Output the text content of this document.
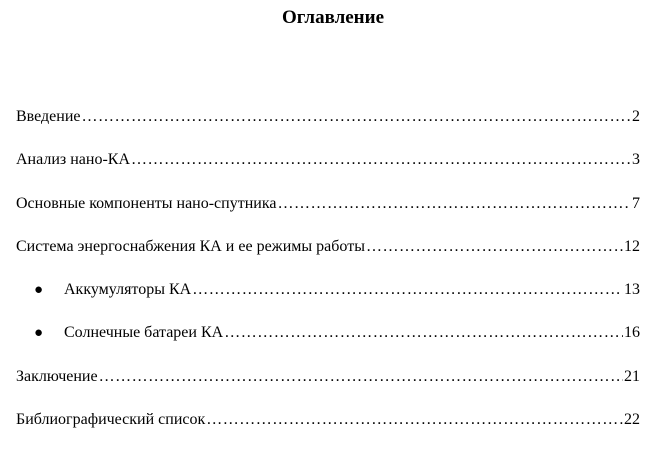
Оглавление
Введение ……………………………………………………………………………………………………………………………………………………	2
Анализ нано-КА ……………………………………………………………………………………………………………………………………………………	3
Основные компоненты нано-спутника ……………………………………………………………………………………………………………………………………………………	7
Система энергоснабжения КА и ее режимы работы ……………………………………………………………………………………………………………………………………………………	12
●	Аккумуляторы КА ……………………………………………………………………………………………………………………………………………………	13
●	Солнечные батареи КА ……………………………………………………………………………………………………………………………………………………	16
Заключение ……………………………………………………………………………………………………………………………………………………	21
Библиографический список ……………………………………………………………………………………………………………………………………………………	22
